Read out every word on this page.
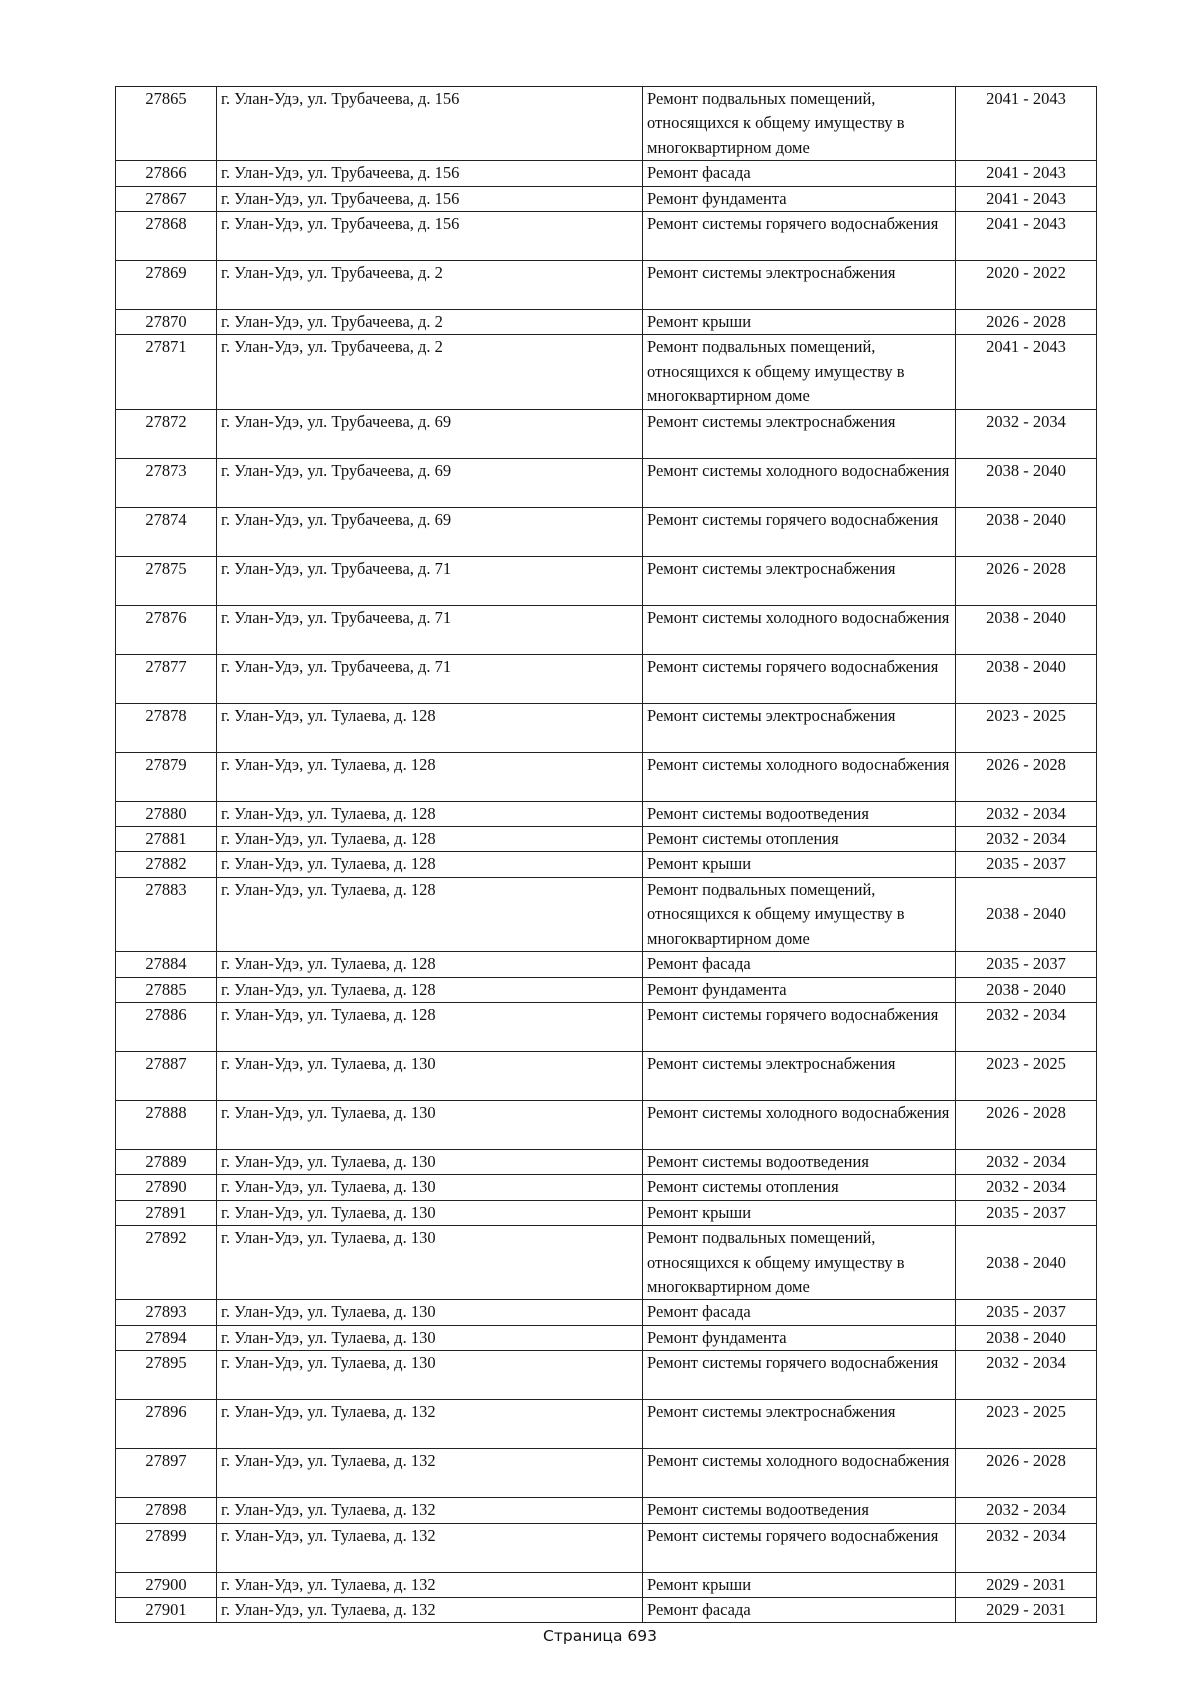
27865	г. Улан-Удэ, ул. Трубачеева, д. 156	Ремонт подвальных помещений, относящихся к общему имуществу в многоквартирном доме	2041 - 2043
27866	г. Улан-Удэ, ул. Трубачеева, д. 156	Ремонт фасада	2041 - 2043
27867	г. Улан-Удэ, ул. Трубачеева, д. 156	Ремонт фундамента	2041 - 2043
27868	г. Улан-Удэ, ул. Трубачеева, д. 156	Ремонт системы горячего водоснабжения	2041 - 2043
27869	г. Улан-Удэ, ул. Трубачеева, д. 2	Ремонт системы электроснабжения	2020 - 2022
27870	г. Улан-Удэ, ул. Трубачеева, д. 2	Ремонт крыши	2026 - 2028
27871	г. Улан-Удэ, ул. Трубачеева, д. 2	Ремонт подвальных помещений, относящихся к общему имуществу в многоквартирном доме	2041 - 2043
27872	г. Улан-Удэ, ул. Трубачеева, д. 69	Ремонт системы электроснабжения	2032 - 2034
27873	г. Улан-Удэ, ул. Трубачеева, д. 69	Ремонт системы холодного водоснабжения	2038 - 2040
27874	г. Улан-Удэ, ул. Трубачеева, д. 69	Ремонт системы горячего водоснабжения	2038 - 2040
27875	г. Улан-Удэ, ул. Трубачеева, д. 71	Ремонт системы электроснабжения	2026 - 2028
27876	г. Улан-Удэ, ул. Трубачеева, д. 71	Ремонт системы холодного водоснабжения	2038 - 2040
27877	г. Улан-Удэ, ул. Трубачеева, д. 71	Ремонт системы горячего водоснабжения	2038 - 2040
27878	г. Улан-Удэ, ул. Тулаева, д. 128	Ремонт системы электроснабжения	2023 - 2025
27879	г. Улан-Удэ, ул. Тулаева, д. 128	Ремонт системы холодного водоснабжения	2026 - 2028
27880	г. Улан-Удэ, ул. Тулаева, д. 128	Ремонт системы водоотведения	2032 - 2034
27881	г. Улан-Удэ, ул. Тулаева, д. 128	Ремонт системы отопления	2032 - 2034
27882	г. Улан-Удэ, ул. Тулаева, д. 128	Ремонт крыши	2035 - 2037
27883	г. Улан-Удэ, ул. Тулаева, д. 128	Ремонт подвальных помещений, относящихся к общему имуществу в многоквартирном доме	2038 - 2040
27884	г. Улан-Удэ, ул. Тулаева, д. 128	Ремонт фасада	2035 - 2037
27885	г. Улан-Удэ, ул. Тулаева, д. 128	Ремонт фундамента	2038 - 2040
27886	г. Улан-Удэ, ул. Тулаева, д. 128	Ремонт системы горячего водоснабжения	2032 - 2034
27887	г. Улан-Удэ, ул. Тулаева, д. 130	Ремонт системы электроснабжения	2023 - 2025
27888	г. Улан-Удэ, ул. Тулаева, д. 130	Ремонт системы холодного водоснабжения	2026 - 2028
27889	г. Улан-Удэ, ул. Тулаева, д. 130	Ремонт системы водоотведения	2032 - 2034
27890	г. Улан-Удэ, ул. Тулаева, д. 130	Ремонт системы отопления	2032 - 2034
27891	г. Улан-Удэ, ул. Тулаева, д. 130	Ремонт крыши	2035 - 2037
27892	г. Улан-Удэ, ул. Тулаева, д. 130	Ремонт подвальных помещений, относящихся к общему имуществу в многоквартирном доме	2038 - 2040
27893	г. Улан-Удэ, ул. Тулаева, д. 130	Ремонт фасада	2035 - 2037
27894	г. Улан-Удэ, ул. Тулаева, д. 130	Ремонт фундамента	2038 - 2040
27895	г. Улан-Удэ, ул. Тулаева, д. 130	Ремонт системы горячего водоснабжения	2032 - 2034
27896	г. Улан-Удэ, ул. Тулаева, д. 132	Ремонт системы электроснабжения	2023 - 2025
27897	г. Улан-Удэ, ул. Тулаева, д. 132	Ремонт системы холодного водоснабжения	2026 - 2028
27898	г. Улан-Удэ, ул. Тулаева, д. 132	Ремонт системы водоотведения	2032 - 2034
27899	г. Улан-Удэ, ул. Тулаева, д. 132	Ремонт системы горячего водоснабжения	2032 - 2034
27900	г. Улан-Удэ, ул. Тулаева, д. 132	Ремонт крыши	2029 - 2031
27901	г. Улан-Удэ, ул. Тулаева, д. 132	Ремонт фасада	2029 - 2031
Страница 693
